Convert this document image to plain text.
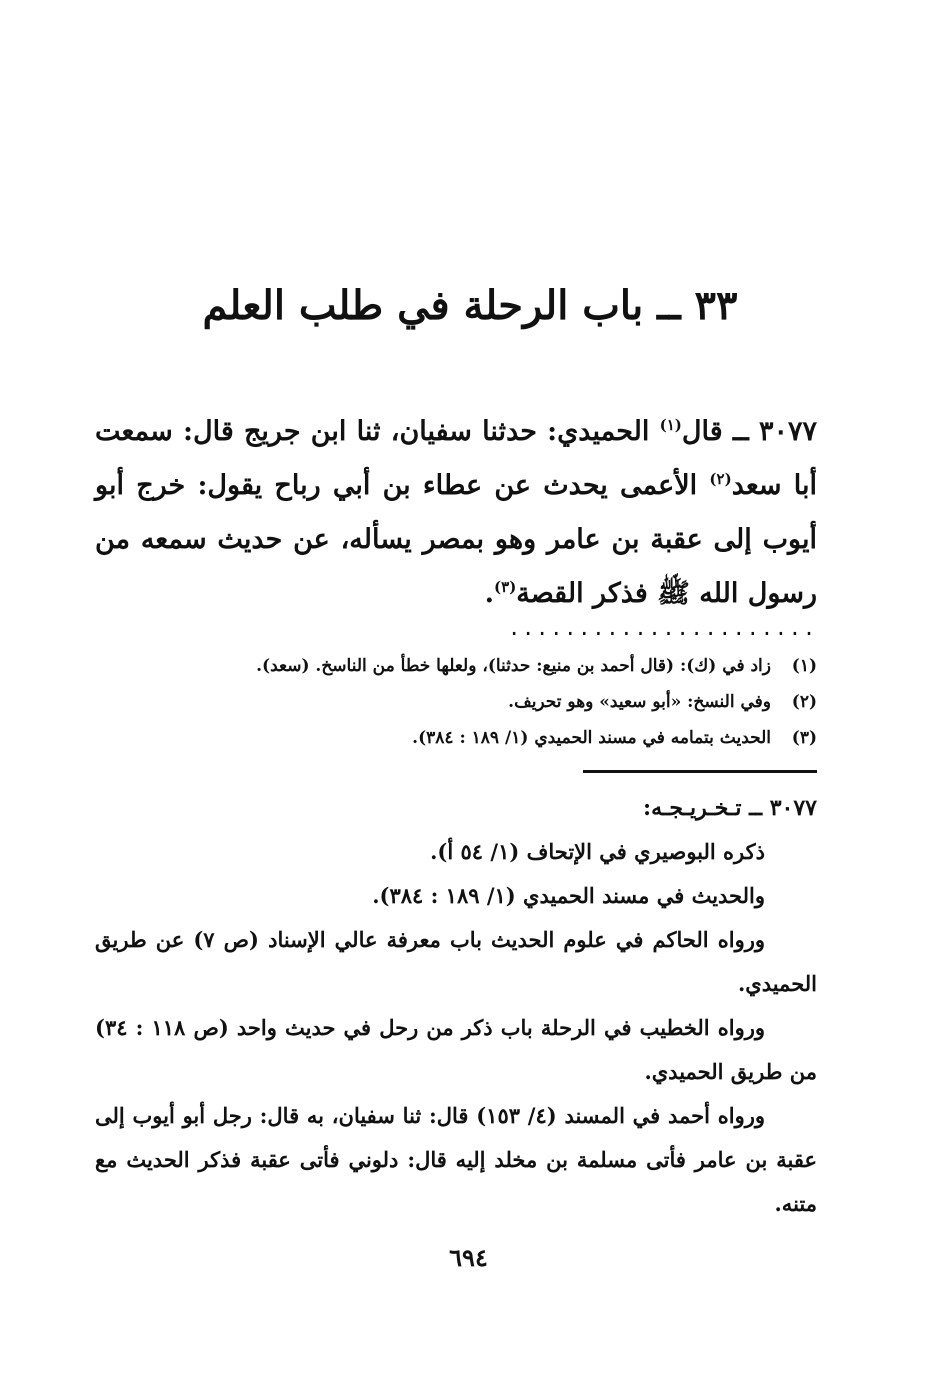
٣٣ ــ باب الرحلة في طلب العلم
٣٠٧٧ ــ قال$^{(١)}$ الحميدي: حدثنا سفيان، ثنا ابن جريج قال: سمعت أبا سعد$^{(٢)}$ الأعمى يحدث عن عطاء بن أبي رباح يقول: خرج أبو أيوب إلى عقبة بن عامر وهو بمصر يسأله، عن حديث سمعه من رسول الله ﷺ فذكر القصة$^{(٣)}$.
......................
(١)
زاد في (ك): (قال أحمد بن منيع: حدثنا)، ولعلها خطأ من الناسخ. (سعد).
(٢)
وفي النسخ: «أبو سعيد» وهو تحريف.
(٣)
الحديث بتمامه في مسند الحميدي (١/ ١٨٩ : ٣٨٤).
٣٠٧٧ ــ تـخـريـجـه:
ذكره البوصيري في الإتحاف (١/ ٥٤ أ).
والحديث في مسند الحميدي (١/ ١٨٩ : ٣٨٤).
ورواه الحاكم في علوم الحديث باب معرفة عالي الإسناد (ص ٧) عن طريق الحميدي.
ورواه الخطيب في الرحلة باب ذكر من رحل في حديث واحد (ص ١١٨ : ٣٤) من طريق الحميدي.
ورواه أحمد في المسند (٤/ ١٥٣) قال: ثنا سفيان، به قال: رجل أبو أيوب إلى عقبة بن عامر فأتى مسلمة بن مخلد إليه قال: دلوني فأتى عقبة فذكر الحديث مع متنه.
٦٩٤
